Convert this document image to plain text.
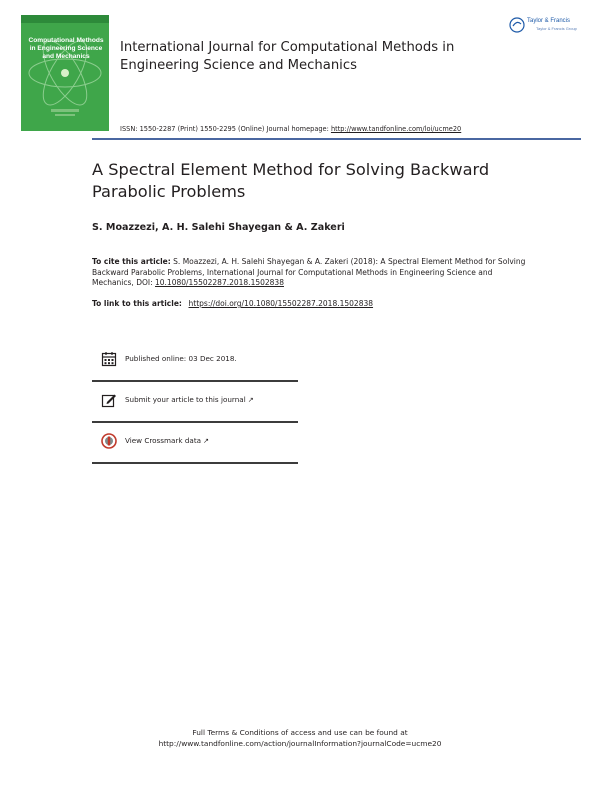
Computational Methods in Engineering Science and Mechanics
International Journal for Computational Methods in Engineering Science and Mechanics
ISSN: 1550-2287 (Print) 1550-2295 (Online) Journal homepage: http://www.tandfonline.com/loi/ucme20
Taylor & Francis
Taylor & Francis Group
A Spectral Element Method for Solving Backward Parabolic Problems
S. Moazzezi, A. H. Salehi Shayegan & A. Zakeri
To cite this article: S. Moazzezi, A. H. Salehi Shayegan & A. Zakeri (2018): A Spectral Element Method for Solving Backward Parabolic Problems, International Journal for Computational Methods in Engineering Science and Mechanics, DOI: 10.1080/15502287.2018.1502838
To link to this article: https://doi.org/10.1080/15502287.2018.1502838
Published online: 03 Dec 2018.
Submit your article to this journal ↗
View Crossmark data ↗
Full Terms & Conditions of access and use can be found at
http://www.tandfonline.com/action/journalInformation?journalCode=ucme20
